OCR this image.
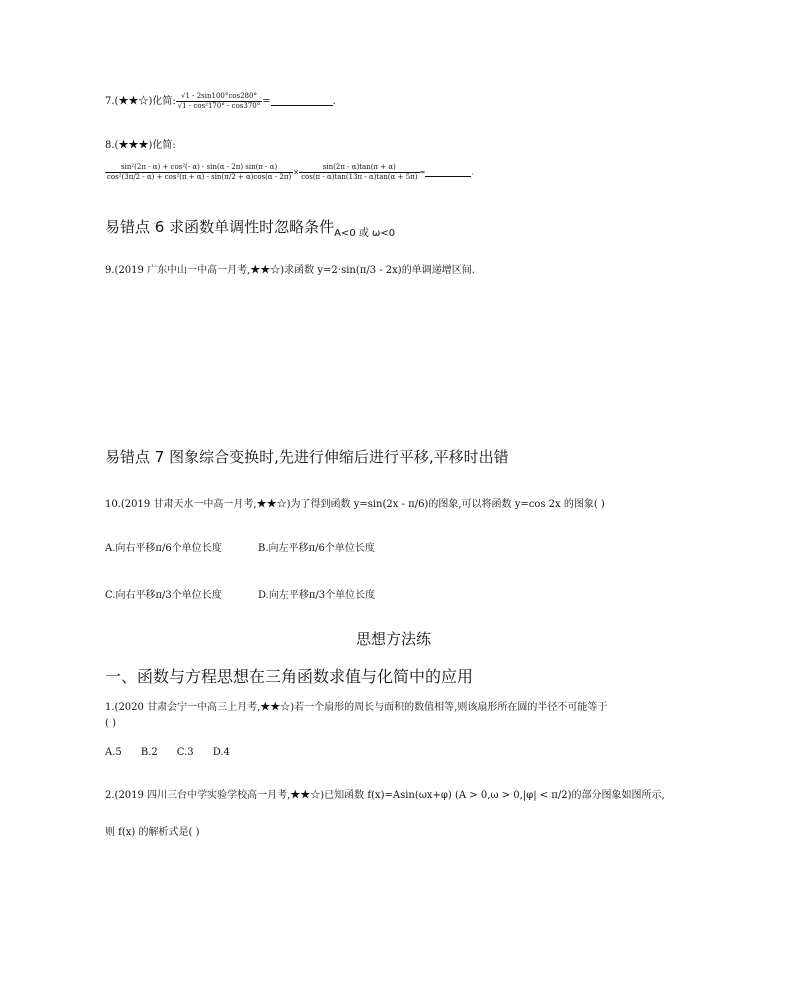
7.(★★☆)化简: $\frac{√1 - 2\sin 100^\circ\cos 280^\circ}{\text{√1 - cos²170° - cos370°}}$ =	.
8.(★★★)化简:
$\frac{\text{sin²(2π - α) + cos²(- α) - sin(α - 2π) sin(π - α)}}{\text{cos²(3π/2 - α) + cos²(π + α) - sin(π/2 + α)cos(α - 2π)}} \times \frac{\sin(2\pi - \alpha)\tan(\pi + \alpha)}{\cos(\pi - \alpha)\tan(13\pi - \alpha)\tan(\alpha + 5\pi)}$ =	.
易错点 6 求函数单调性时忽略条件$_{A<0 或 \omega<0}$
9.(2019 广东中山一中高一月考,★★☆)求函数 y=2ˑsin(π/3 - 2x)的单调递增区间.
易错点 7 图象综合变换时,先进行伸缩后进行平移,平移时出错
10.(2019 甘肃天水一中高一月考,★★☆)为了得到函数 y=sin(2x - π/6)的图象,可以将函数 y=cos 2x 的图象( )
A.向右平移π/6个单位长度	B.向左平移π/6个单位长度
C.向右平移π/3个单位长度	D.向左平移π/3个单位长度
思想方法练
一、函数与方程思想在三角函数求值与化简中的应用
1.(2020 甘肃会宁一中高三上月考,★★☆)若一个扇形的周长与面积的数值相等,则该扇形所在圆的半径不可能等于
( )
A.5      B.2      C.3      D.4
2.(2019 四川三台中学实验学校高一月考,★★☆)已知函数 f(x)=Asin(ωx+φ) (A > 0,ω > 0,|φ| < π/2)的部分图象如图所示,
则 f(x) 的解析式是( )
